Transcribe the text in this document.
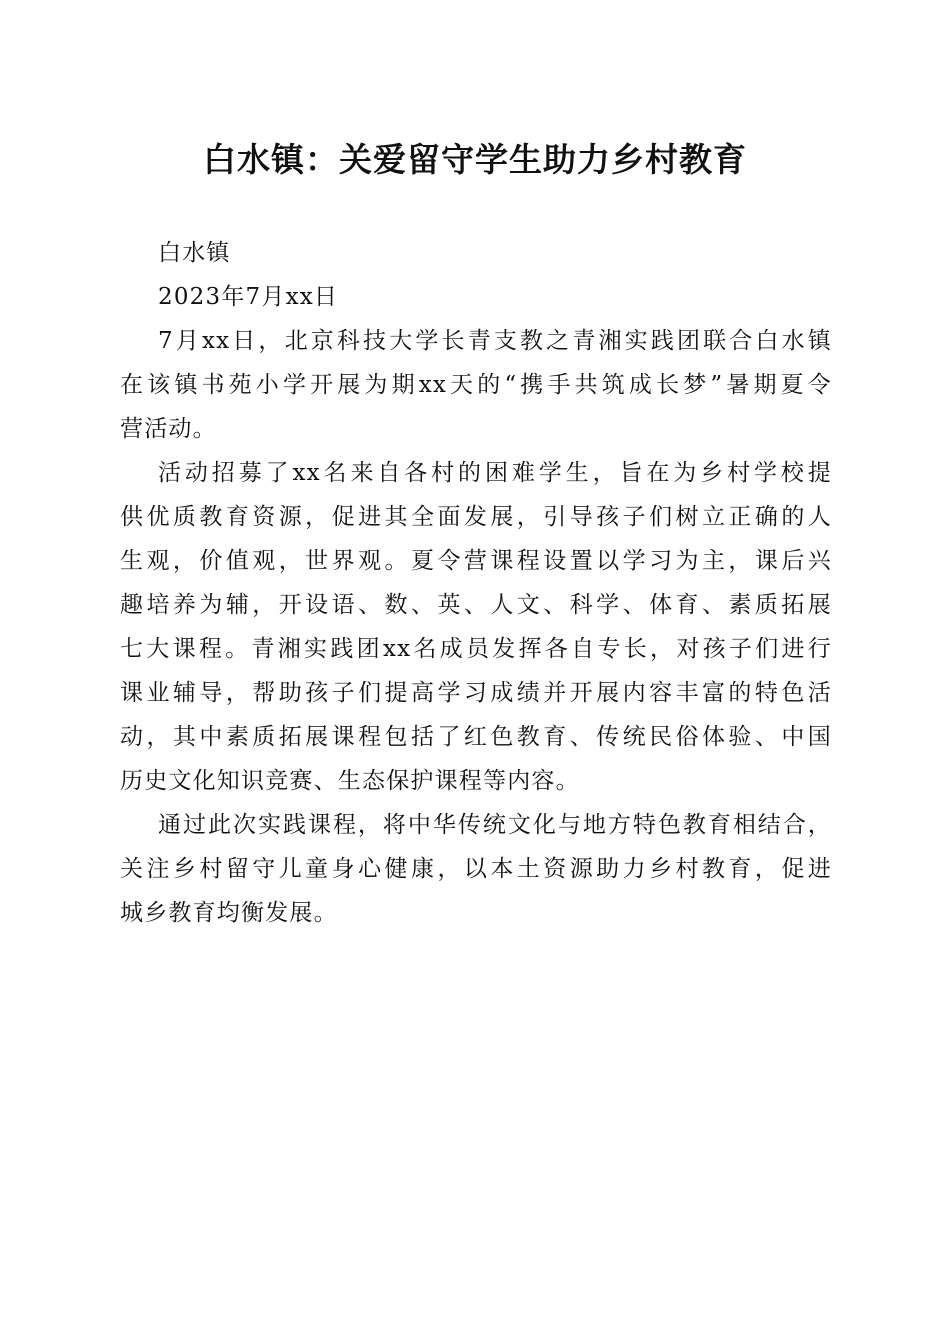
白水镇：关爱留守学生助力乡村教育
白水镇
2023年7月xx日
7月xx日，北京科技大学长青支教之青湘实践团联合白水镇
在该镇书苑小学开展为期xx天的“携手共筑成长梦”暑期夏令
营活动。
活动招募了xx名来自各村的困难学生，旨在为乡村学校提
供优质教育资源，促进其全面发展，引导孩子们树立正确的人
生观，价值观，世界观。夏令营课程设置以学习为主，课后兴
趣培养为辅，开设语、数、英、人文、科学、体育、素质拓展
七大课程。青湘实践团xx名成员发挥各自专长，对孩子们进行
课业辅导，帮助孩子们提高学习成绩并开展内容丰富的特色活
动，其中素质拓展课程包括了红色教育、传统民俗体验、中国
历史文化知识竞赛、生态保护课程等内容。
通过此次实践课程，将中华传统文化与地方特色教育相结合，
关注乡村留守儿童身心健康，以本土资源助力乡村教育，促进
城乡教育均衡发展。
